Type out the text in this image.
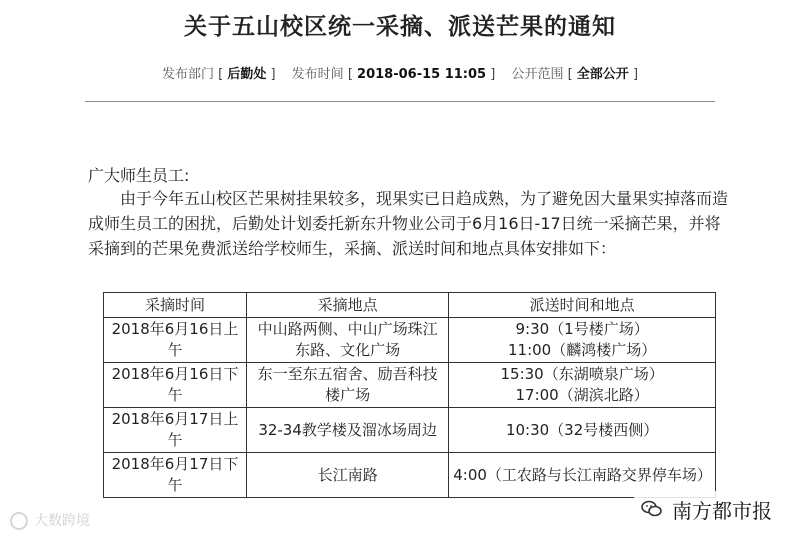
关于五山校区统一采摘、派送芒果的通知
发布部门 [ 后勤处 ] 发布时间 [ 2018-06-15 11:05 ] 公开范围 [ 全部公开 ]
广大师生员工:
由于今年五山校区芒果树挂果较多，现果实已日趋成熟，为了避免因大量果实掉落而造成师生员工的困扰，后勤处计划委托新东升物业公司于6月16日-17日统一采摘芒果，并将采摘到的芒果免费派送给学校师生，采摘、派送时间和地点具体安排如下：
采摘时间	采摘地点	派送时间和地点
2018年6月16日上午	中山路两侧、中山广场珠江东路、文化广场	9:30（1号楼广场）
11:00（麟鸿楼广场）

2018年6月16日下午	东一至东五宿舍、励吾科技楼广场	15:30（东湖喷泉广场）
17:00（湖滨北路）

2018年6月17日上午	32-34教学楼及溜冰场周边	10:30（32号楼西侧）

2018年6月17日下午	长江南路	4:00（工农路与长江南路交界停车场）
大数跨境	南方都市报
